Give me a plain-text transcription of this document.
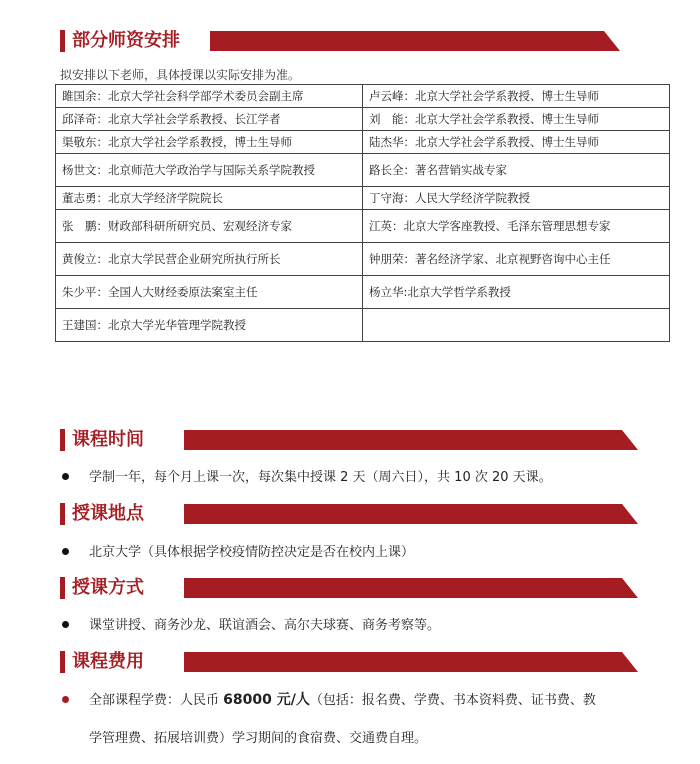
部分师资安排
拟安排以下老师，具体授课以实际安排为准。
雎国余：北京大学社会科学部学术委员会副主席	卢云峰：北京大学社会学系教授、博士生导师
邱泽奇：北京大学社会学系教授、长江学者	刘　能：北京大学社会学系教授、博士生导师
渠敬东：北京大学社会学系教授，博士生导师	陆杰华：北京大学社会学系教授、博士生导师
杨世文：北京师范大学政治学与国际关系学院教授	路长全：著名营销实战专家
董志勇：北京大学经济学院院长	丁守海：人民大学经济学院教授
张　鹏：财政部科研所研究员、宏观经济专家	江英：北京大学客座教授、毛泽东管理思想专家
黄俊立：北京大学民营企业研究所执行所长	钟朋荣：著名经济学家、北京视野咨询中心主任
朱少平：全国人大财经委原法案室主任	杨立华:北京大学哲学系教授
王建国：北京大学光华管理学院教授	
课程时间
学制一年，每个月上课一次，每次集中授课 2 天（周六日），共 10 次 20 天课。
授课地点
北京大学（具体根据学校疫情防控决定是否在校内上课）
授课方式
课堂讲授、商务沙龙、联谊酒会、高尔夫球赛、商务考察等。
课程费用
全部课程学费：人民币 68000 元/人（包括：报名费、学费、书本资料费、证书费、教
学管理费、拓展培训费）学习期间的食宿费、交通费自理。
